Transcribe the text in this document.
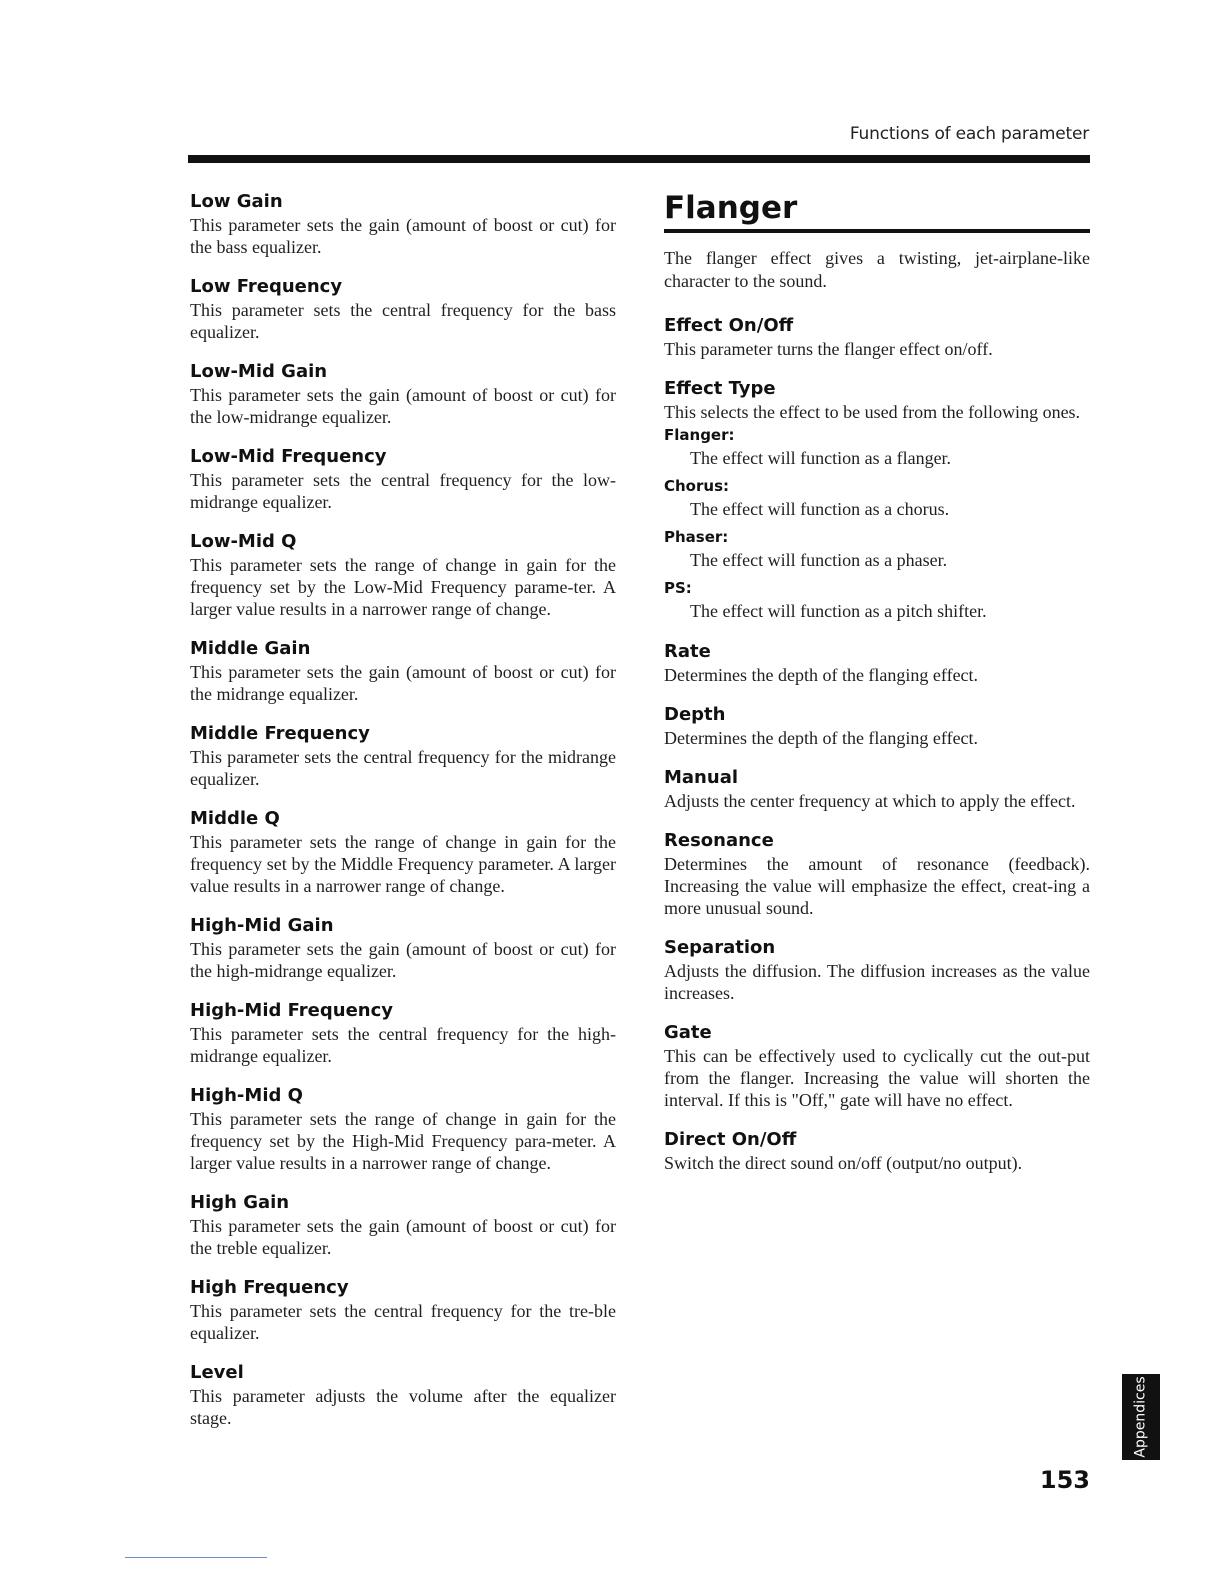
Functions of each parameter
Low Gain

This parameter sets the gain (amount of boost or cut) for the bass equalizer.

Low Frequency

This parameter sets the central frequency for the bass equalizer.

Low-Mid Gain

This parameter sets the gain (amount of boost or cut) for the low-midrange equalizer.

Low-Mid Frequency

This parameter sets the central frequency for the low-midrange equalizer.

Low-Mid Q

This parameter sets the range of change in gain for the frequency set by the Low-Mid Frequency parame-ter. A larger value results in a narrower range of change.

Middle Gain

This parameter sets the gain (amount of boost or cut) for the midrange equalizer.

Middle Frequency

This parameter sets the central frequency for the midrange equalizer.

Middle Q

This parameter sets the range of change in gain for the frequency set by the Middle Frequency parameter. A larger value results in a narrower range of change.

High-Mid Gain

This parameter sets the gain (amount of boost or cut) for the high-midrange equalizer.

High-Mid Frequency

This parameter sets the central frequency for the high-midrange equalizer.

High-Mid Q

This parameter sets the range of change in gain for the frequency set by the High-Mid Frequency para-meter. A larger value results in a narrower range of change.

High Gain

This parameter sets the gain (amount of boost or cut) for the treble equalizer.

High Frequency

This parameter sets the central frequency for the tre-ble equalizer.

Level

This parameter adjusts the volume after the equalizer stage.

Flanger

The flanger effect gives a twisting, jet-airplane-like character to the sound.

Effect On/Off

This parameter turns the flanger effect on/off.

Effect Type

This selects the effect to be used from the following ones.

Flanger:

The effect will function as a flanger.

Chorus:

The effect will function as a chorus.

Phaser:

The effect will function as a phaser.

PS:

The effect will function as a pitch shifter.

Rate

Determines the depth of the flanging effect.

Depth

Determines the depth of the flanging effect.

Manual

Adjusts the center frequency at which to apply the effect.

Resonance

Determines the amount of resonance (feedback). Increasing the value will emphasize the effect, creat-ing a more unusual sound.

Separation

Adjusts the diffusion. The diffusion increases as the value increases.

Gate

This can be effectively used to cyclically cut the out-put from the flanger. Increasing the value will shorten the interval. If this is "Off," gate will have no effect.

Direct On/Off

Switch the direct sound on/off (output/no output).

Appendices
153
